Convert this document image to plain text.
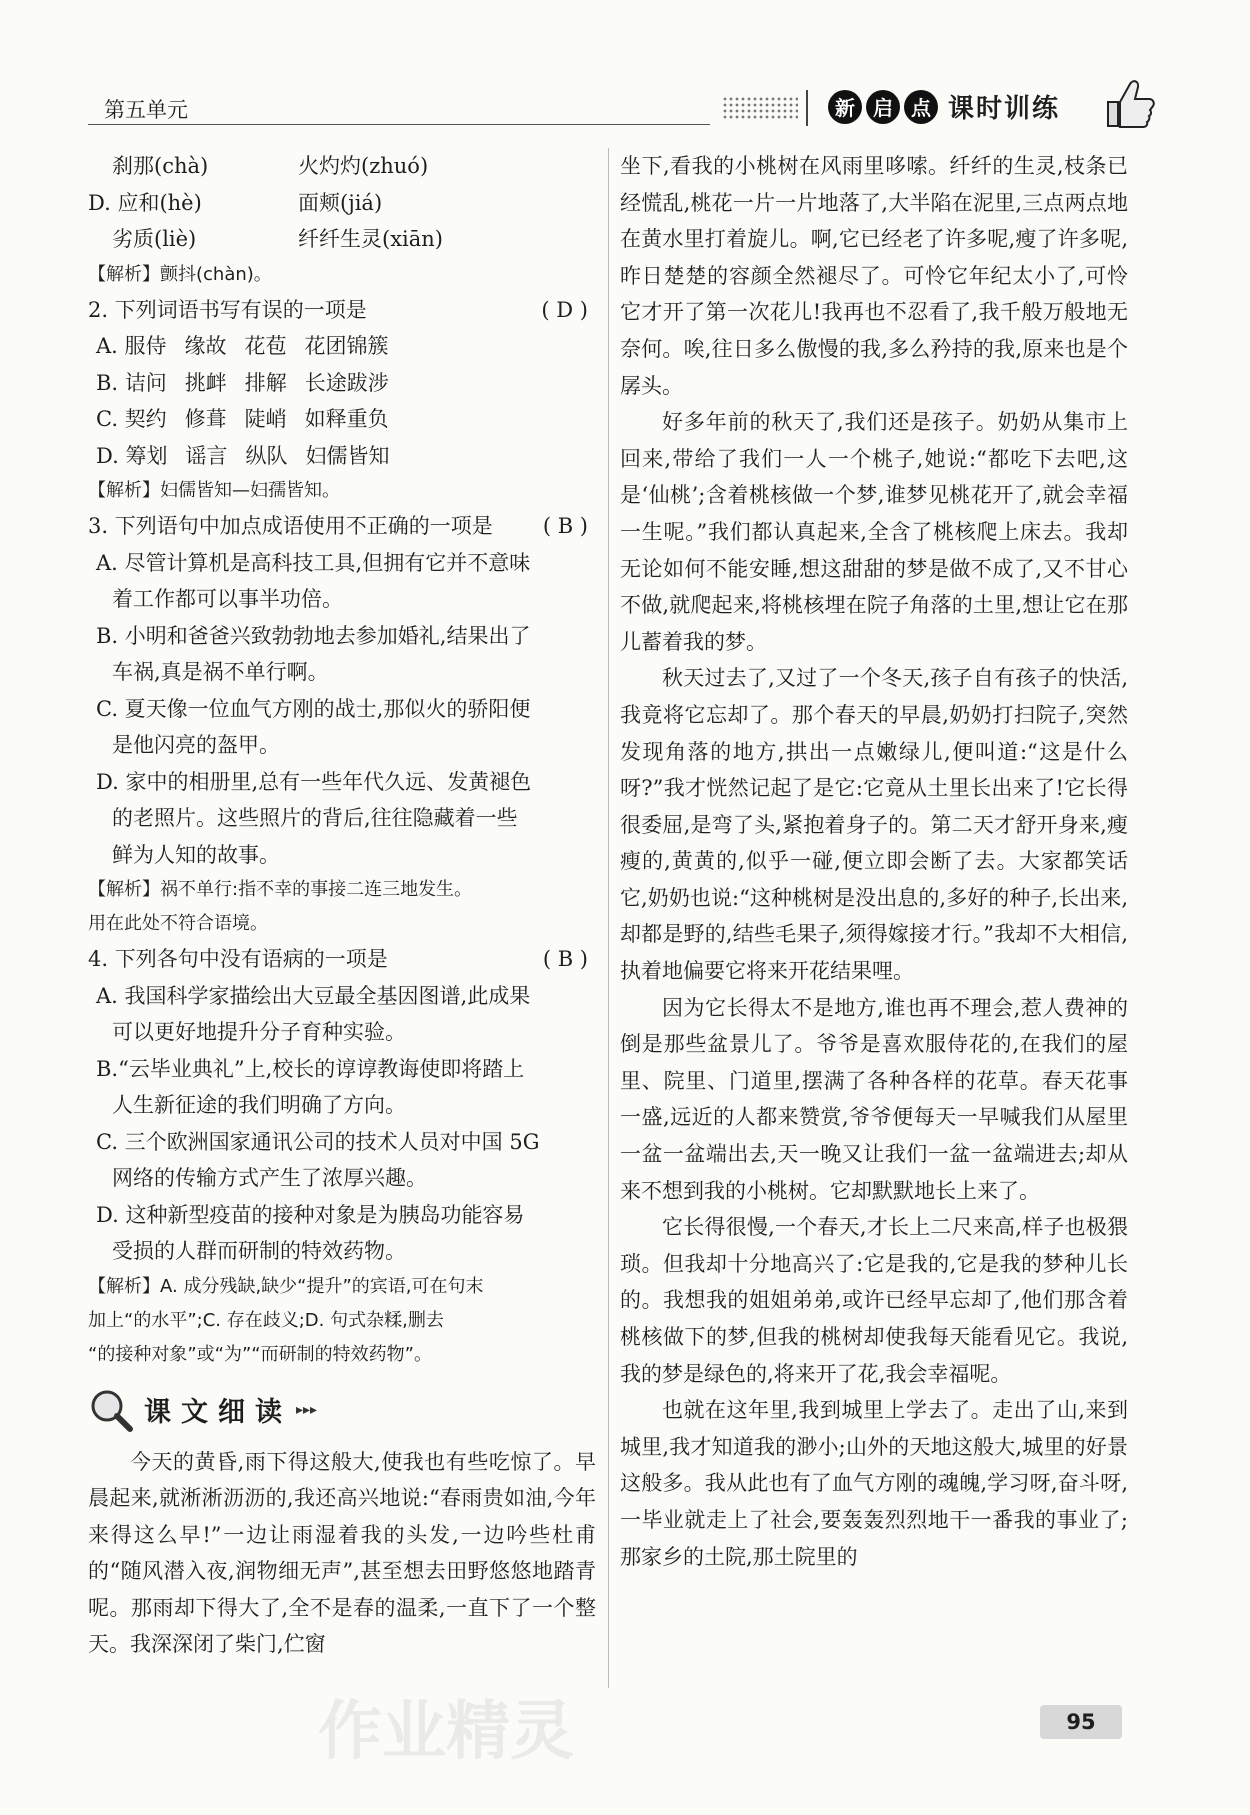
第五单元	新 启 点 课时训练
刹那(chà)	火灼灼(zhuó)
D. 应和(hè)	面颊(jiá)
劣质(liè)	纤纤生灵(xiān)
【解析】颤抖(chàn)。
2. 下列词语书写有误的一项是	( D )
A. 服侍 缘故 花苞 花团锦簇
B. 诘问 挑衅 排解 长途跋涉
C. 契约 修葺 陡峭 如释重负
D. 筹划 谣言 纵队 妇儒皆知
【解析】妇儒皆知—妇孺皆知。
3. 下列语句中加点成语使用不正确的一项是 ( B )
A. 尽管计算机是高科技工具,但拥有它并不意味
着工作都可以事半功倍。
B. 小明和爸爸兴致勃勃地去参加婚礼,结果出了
车祸,真是祸不单行啊。
C. 夏天像一位血气方刚的战士,那似火的骄阳便
是他闪亮的盔甲。
D. 家中的相册里,总有一些年代久远、发黄褪色
的老照片。这些照片的背后,往往隐藏着一些
鲜为人知的故事。
【解析】祸不单行:指不幸的事接二连三地发生。
用在此处不符合语境。
4. 下列各句中没有语病的一项是	( B )
A. 我国科学家描绘出大豆最全基因图谱,此成果
可以更好地提升分子育种实验。
B.“云毕业典礼”上,校长的谆谆教诲使即将踏上
人生新征途的我们明确了方向。
C. 三个欧洲国家通讯公司的技术人员对中国 5G
网络的传输方式产生了浓厚兴趣。
D. 这种新型疫苗的接种对象是为胰岛功能容易
受损的人群而研制的特效药物。
【解析】A. 成分残缺,缺少“提升”的宾语,可在句末
加上“的水平”;C. 存在歧义;D. 句式杂糅,删去
“的接种对象”或“为”“而研制的特效药物”。
课文细读 ▸▸▸

今天的黄昏,雨下得这般大,使我也有些吃惊了。早晨起来,就淅淅沥沥的,我还高兴地说:“春雨贵如油,今年来得这么早!”一边让雨湿着我的头发,一边吟些杜甫的“随风潜入夜,润物细无声”,甚至想去田野悠悠地踏青呢。那雨却下得大了,全不是春的温柔,一直下了一个整天。我深深闭了柴门,伫窗

坐下,看我的小桃树在风雨里哆嗦。纤纤的生灵,枝条已经慌乱,桃花一片一片地落了,大半陷在泥里,三点两点地在黄水里打着旋儿。啊,它已经老了许多呢,瘦了许多呢,昨日楚楚的容颜全然褪尽了。可怜它年纪太小了,可怜它才开了第一次花儿!我再也不忍看了,我千般万般地无奈何。唉,往日多么傲慢的我,多么矜持的我,原来也是个孱头。

好多年前的秋天了,我们还是孩子。奶奶从集市上回来,带给了我们一人一个桃子,她说:“都吃下去吧,这是‘仙桃’;含着桃核做一个梦,谁梦见桃花开了,就会幸福一生呢。”我们都认真起来,全含了桃核爬上床去。我却无论如何不能安睡,想这甜甜的梦是做不成了,又不甘心不做,就爬起来,将桃核埋在院子角落的土里,想让它在那儿蓄着我的梦。

秋天过去了,又过了一个冬天,孩子自有孩子的快活,我竟将它忘却了。那个春天的早晨,奶奶打扫院子,突然发现角落的地方,拱出一点嫩绿儿,便叫道:“这是什么呀?”我才恍然记起了是它:它竟从土里长出来了!它长得很委屈,是弯了头,紧抱着身子的。第二天才舒开身来,瘦瘦的,黄黄的,似乎一碰,便立即会断了去。大家都笑话它,奶奶也说:“这种桃树是没出息的,多好的种子,长出来,却都是野的,结些毛果子,须得嫁接才行。”我却不大相信,执着地偏要它将来开花结果哩。

因为它长得太不是地方,谁也再不理会,惹人费神的倒是那些盆景儿了。爷爷是喜欢服侍花的,在我们的屋里、院里、门道里,摆满了各种各样的花草。春天花事一盛,远近的人都来赞赏,爷爷便每天一早喊我们从屋里一盆一盆端出去,天一晚又让我们一盆一盆端进去;却从来不想到我的小桃树。它却默默地长上来了。

它长得很慢,一个春天,才长上二尺来高,样子也极猥琐。但我却十分地高兴了:它是我的,它是我的梦种儿长的。我想我的姐姐弟弟,或许已经早忘却了,他们那含着桃核做下的梦,但我的桃树却使我每天能看见它。我说,我的梦是绿色的,将来开了花,我会幸福呢。

也就在这年里,我到城里上学去了。走出了山,来到城里,我才知道我的渺小;山外的天地这般大,城里的好景这般多。我从此也有了血气方刚的魂魄,学习呀,奋斗呀,一毕业就走上了社会,要轰轰烈烈地干一番我的事业了;那家乡的土院,那土院里的

作业精灵	95
